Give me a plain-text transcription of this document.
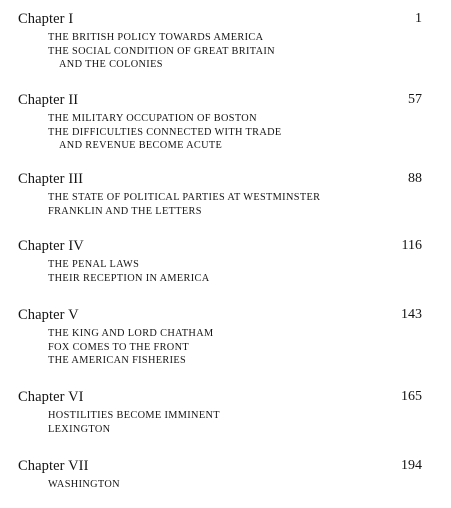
Chapter I	1
THE BRITISH POLICY TOWARDS AMERICA
THE SOCIAL CONDITION OF GREAT BRITAIN
AND THE COLONIES
Chapter II	57
THE MILITARY OCCUPATION OF BOSTON
THE DIFFICULTIES CONNECTED WITH TRADE
AND REVENUE BECOME ACUTE
Chapter III	88
THE STATE OF POLITICAL PARTIES AT WESTMINSTER
FRANKLIN AND THE LETTERS
Chapter IV	116
THE PENAL LAWS
THEIR RECEPTION IN AMERICA
Chapter V	143
THE KING AND LORD CHATHAM
FOX COMES TO THE FRONT
THE AMERICAN FISHERIES
Chapter VI	165
HOSTILITIES BECOME IMMINENT
LEXINGTON
Chapter VII	194
WASHINGTON
